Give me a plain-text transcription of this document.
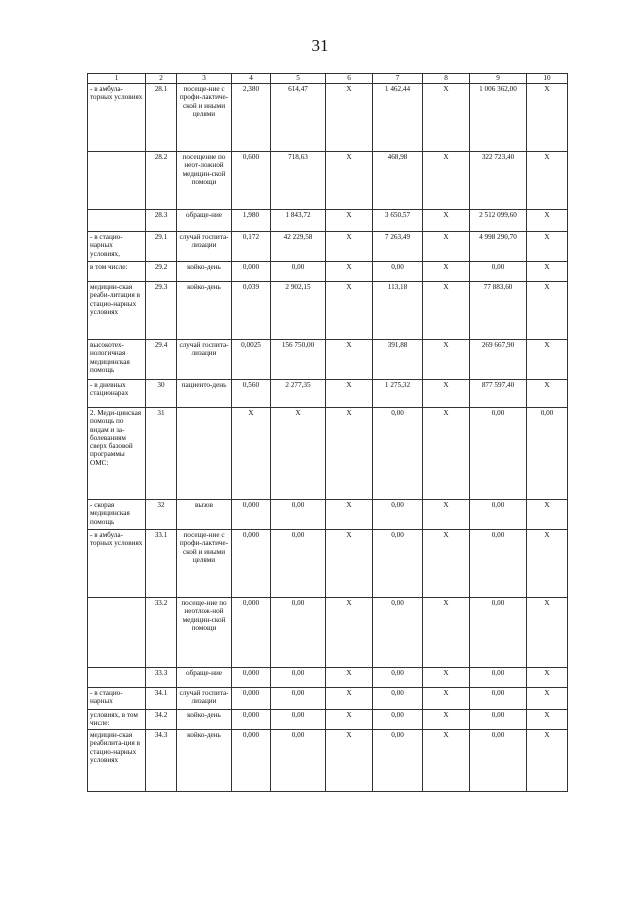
31
1	2	3	4	5	6	7	8	9	10
- в амбула-торных условиях	28.1	посеще-ние с профи-лактиче-ской и иными целями	2,380	614,47	Х	1 462,44	Х	1 006 362,00	Х
	28.2	посещение по неот-ложной медицин-ской помощи	0,600	718,63	Х	468,98	Х	322 723,40	Х
	28.3	обраще-ние	1,980	1 843,72	Х	3 650,57	Х	2 512 099,60	Х
- в стацио-нарных условиях,	29.1	случай госпита-лизации	0,172	42 229,58	Х	7 263,49	Х	4 998 290,70	Х
в том числе:	29.2	койко-день	0,000	0,00	Х	0,00	Х	0,00	Х
медицин-ская реаби-литация в стацио-нарных условиях	29.3	койко-день	0,039	2 902,15	Х	113,18	Х	77 883,60	Х
высокотех-нологичная медицинская помощь	29.4	случай госпита-лизации	0,0025	156 750,00	Х	391,88	Х	269 667,90	Х
- в дневных стационарах	30	пациенто-день	0,560	2 277,35	Х	1 275,32	Х	877 597,40	Х
2. Меди-цинская помощь по видам и за-болеваниям сверх базовой программы ОМС:	31		Х	Х	Х	0,00	Х	0,00	0,00
- скорая медицинская помощь	32	вызов	0,000	0,00	Х	0,00	Х	0,00	Х
- в амбула-торных условиях	33.1	посеще-ние с профи-лактиче-ской и иными целями	0,000	0,00	Х	0,00	Х	0,00	Х
	33.2	посеще-ние по неотлож-ной медицин-ской помощи	0,000	0,00	Х	0,00	Х	0,00	Х
	33.3	обраще-ние	0,000	0,00	Х	0,00	Х	0,00	Х
- в стацио-нарных	34.1	случай госпита-лизации	0,000	0,00	Х	0,00	Х	0,00	Х
условиях, в том числе:	34.2	койко-день	0,000	0,00	Х	0,00	Х	0,00	Х
медицин-ская реабилита-ция в стацио-нарных условиях	34.3	койко-день	0,000	0,00	Х	0,00	Х	0,00	Х
